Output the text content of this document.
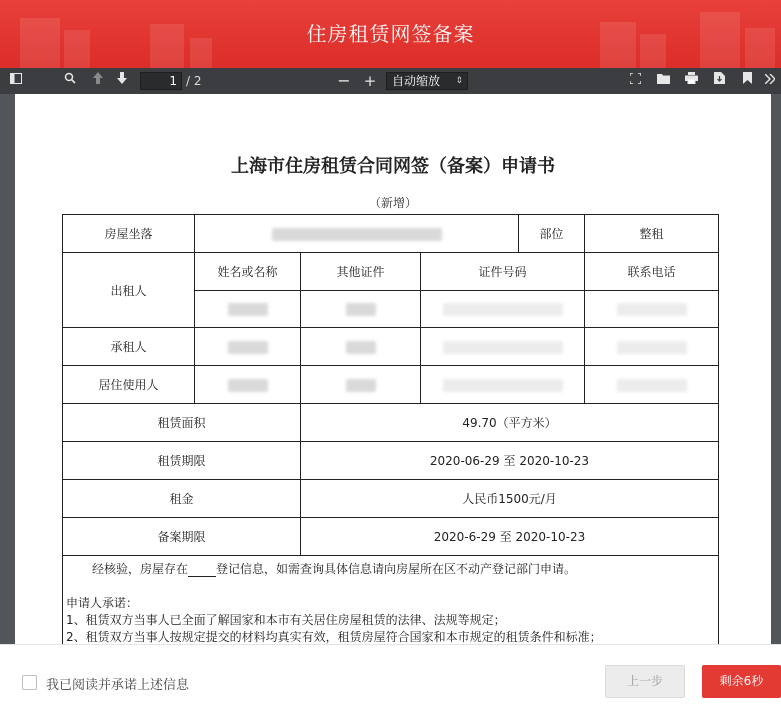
住房租赁网签备案
1 / 2	− +	自动缩放 ⇕
上海市住房租赁合同网签（备案）申请书
（新增）
房屋坐落				部位	整租
出租人	姓名或名称	其他证件	证件号码		联系电话

承租人					
居住使用人					
租赁面积		49.70（平方米）			
租赁期限		2020-06-29 至 2020-10-23			
租金		人民币1500元/月			
备案期限		2020-6-29 至 2020-10-23			

经核验，房屋存在 登记信息，如需查询具体信息请向房屋所在区不动产登记部门申请。
申请人承诺：
1、租赁双方当事人已全面了解国家和本市有关居住房屋租赁的法律、法规等规定；
2、租赁双方当事人按规定提交的材料均真实有效，租赁房屋符合国家和本市规定的租赁条件和标准；
我已阅读并承诺上述信息	上一步	剩余6秒
